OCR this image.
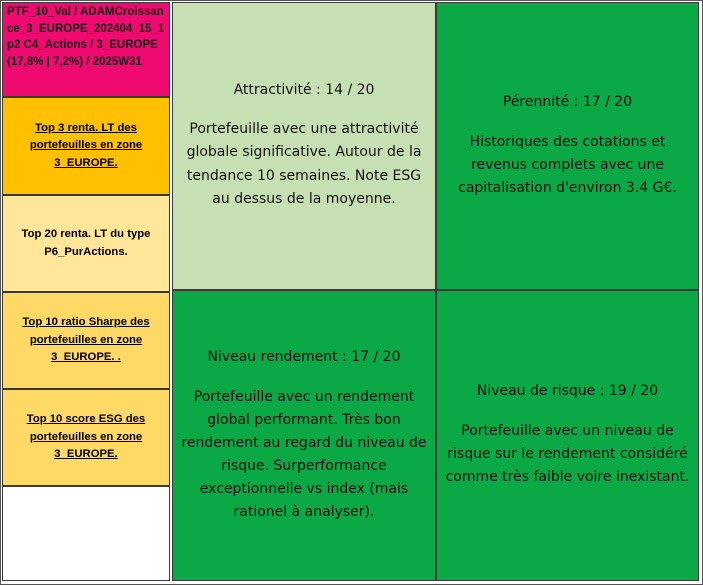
PTF_10_Val / ADAMCroissance_3_EUROPE_202404_15_1p2 C4_Actions / 3_EUROPE (17,8% | 7,2%) / 2025W31
Top 3 renta. LT des portefeuilles en zone 3_EUROPE.
Top 20 renta. LT du type P6_PurActions.
Top 10 ratio Sharpe des portefeuilles en zone 3_EUROPE. .
Top 10 score ESG des portefeuilles en zone 3_EUROPE.

Attractivité : 14 / 20

Portefeuille avec une attractivité globale significative. Autour de la tendance 10 semaines. Note ESG au dessus de la moyenne.

Pérennité : 17 / 20

Historiques des cotations et revenus complets avec une capitalisation d'environ 3.4 G€.

Niveau rendement : 17 / 20

Portefeuille avec un rendement global performant. Très bon rendement au regard du niveau de risque. Surperformance exceptionnelle vs index (mais rationel à analyser).

Niveau de risque : 19 / 20

Portefeuille avec un niveau de risque sur le rendement considéré comme très faible voire inexistant.
